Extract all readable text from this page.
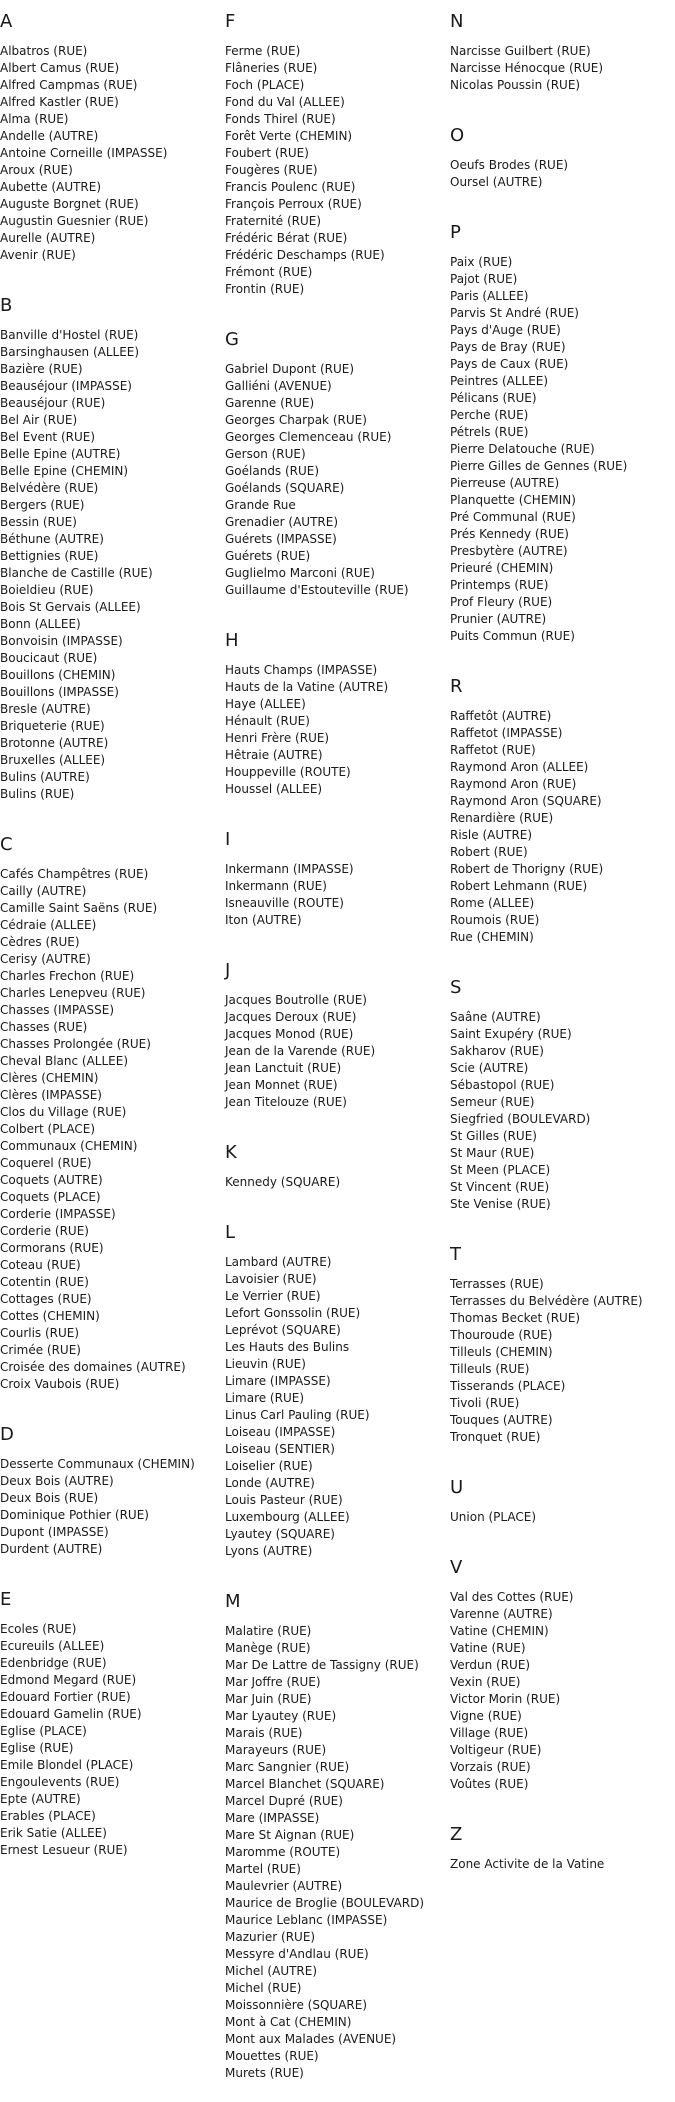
A
Albatros (RUE)
Albert Camus (RUE)
Alfred Campmas (RUE)
Alfred Kastler (RUE)
Alma (RUE)
Andelle (AUTRE)
Antoine Corneille (IMPASSE)
Aroux (RUE)
Aubette (AUTRE)
Auguste Borgnet (RUE)
Augustin Guesnier (RUE)
Aurelle (AUTRE)
Avenir (RUE)
B
Banville d'Hostel (RUE)
Barsinghausen (ALLEE)
Bazière (RUE)
Beauséjour (IMPASSE)
Beauséjour (RUE)
Bel Air (RUE)
Bel Event (RUE)
Belle Epine (AUTRE)
Belle Epine (CHEMIN)
Belvédère (RUE)
Bergers (RUE)
Bessin (RUE)
Béthune (AUTRE)
Bettignies (RUE)
Blanche de Castille (RUE)
Boieldieu (RUE)
Bois St Gervais (ALLEE)
Bonn (ALLEE)
Bonvoisin (IMPASSE)
Boucicaut (RUE)
Bouillons (CHEMIN)
Bouillons (IMPASSE)
Bresle (AUTRE)
Briqueterie (RUE)
Brotonne (AUTRE)
Bruxelles (ALLEE)
Bulins (AUTRE)
Bulins (RUE)
C
Cafés Champêtres (RUE)
Cailly (AUTRE)
Camille Saint Saëns (RUE)
Cédraie (ALLEE)
Cèdres (RUE)
Cerisy (AUTRE)
Charles Frechon (RUE)
Charles Lenepveu (RUE)
Chasses (IMPASSE)
Chasses (RUE)
Chasses Prolongée (RUE)
Cheval Blanc (ALLEE)
Clères (CHEMIN)
Clères (IMPASSE)
Clos du Village (RUE)
Colbert (PLACE)
Communaux (CHEMIN)
Coquerel (RUE)
Coquets (AUTRE)
Coquets (PLACE)
Corderie (IMPASSE)
Corderie (RUE)
Cormorans (RUE)
Coteau (RUE)
Cotentin (RUE)
Cottages (RUE)
Cottes (CHEMIN)
Courlis (RUE)
Crimée (RUE)
Croisée des domaines (AUTRE)
Croix Vaubois (RUE)
D
Desserte Communaux (CHEMIN)
Deux Bois (AUTRE)
Deux Bois (RUE)
Dominique Pothier (RUE)
Dupont (IMPASSE)
Durdent (AUTRE)
E
Ecoles (RUE)
Ecureuils (ALLEE)
Edenbridge (RUE)
Edmond Megard (RUE)
Edouard Fortier (RUE)
Edouard Gamelin (RUE)
Eglise (PLACE)
Eglise (RUE)
Emile Blondel (PLACE)
Engoulevents (RUE)
Epte (AUTRE)
Erables (PLACE)
Erik Satie (ALLEE)
Ernest Lesueur (RUE)
F
Ferme (RUE)
Flâneries (RUE)
Foch (PLACE)
Fond du Val (ALLEE)
Fonds Thirel (RUE)
Forêt Verte (CHEMIN)
Foubert (RUE)
Fougères (RUE)
Francis Poulenc (RUE)
François Perroux (RUE)
Fraternité (RUE)
Frédéric Bérat (RUE)
Frédéric Deschamps (RUE)
Frémont (RUE)
Frontin (RUE)
G
Gabriel Dupont (RUE)
Galliéni (AVENUE)
Garenne (RUE)
Georges Charpak (RUE)
Georges Clemenceau (RUE)
Gerson (RUE)
Goélands (RUE)
Goélands (SQUARE)
Grande Rue
Grenadier (AUTRE)
Guérets (IMPASSE)
Guérets (RUE)
Guglielmo Marconi (RUE)
Guillaume d'Estouteville (RUE)
H
Hauts Champs (IMPASSE)
Hauts de la Vatine (AUTRE)
Haye (ALLEE)
Hénault (RUE)
Henri Frère (RUE)
Hêtraie (AUTRE)
Houppeville (ROUTE)
Houssel (ALLEE)
I
Inkermann (IMPASSE)
Inkermann (RUE)
Isneauville (ROUTE)
Iton (AUTRE)
J
Jacques Boutrolle (RUE)
Jacques Deroux (RUE)
Jacques Monod (RUE)
Jean de la Varende (RUE)
Jean Lanctuit (RUE)
Jean Monnet (RUE)
Jean Titelouze (RUE)
K
Kennedy (SQUARE)
L
Lambard (AUTRE)
Lavoisier (RUE)
Le Verrier (RUE)
Lefort Gonssolin (RUE)
Leprévot (SQUARE)
Les Hauts des Bulins
Lieuvin (RUE)
Limare (IMPASSE)
Limare (RUE)
Linus Carl Pauling (RUE)
Loiseau (IMPASSE)
Loiseau (SENTIER)
Loiselier (RUE)
Londe (AUTRE)
Louis Pasteur (RUE)
Luxembourg (ALLEE)
Lyautey (SQUARE)
Lyons (AUTRE)
M
Malatire (RUE)
Manège (RUE)
Mar De Lattre de Tassigny (RUE)
Mar Joffre (RUE)
Mar Juin (RUE)
Mar Lyautey (RUE)
Marais (RUE)
Marayeurs (RUE)
Marc Sangnier (RUE)
Marcel Blanchet (SQUARE)
Marcel Dupré (RUE)
Mare (IMPASSE)
Mare St Aignan (RUE)
Maromme (ROUTE)
Martel (RUE)
Maulevrier (AUTRE)
Maurice de Broglie (BOULEVARD)
Maurice Leblanc (IMPASSE)
Mazurier (RUE)
Messyre d'Andlau (RUE)
Michel (AUTRE)
Michel (RUE)
Moissonnière (SQUARE)
Mont à Cat (CHEMIN)
Mont aux Malades (AVENUE)
Mouettes (RUE)
Murets (RUE)
N
Narcisse Guilbert (RUE)
Narcisse Hénocque (RUE)
Nicolas Poussin (RUE)
O
Oeufs Brodes (RUE)
Oursel (AUTRE)
P
Paix (RUE)
Pajot (RUE)
Paris (ALLEE)
Parvis St André (RUE)
Pays d'Auge (RUE)
Pays de Bray (RUE)
Pays de Caux (RUE)
Peintres (ALLEE)
Pélicans (RUE)
Perche (RUE)
Pétrels (RUE)
Pierre Delatouche (RUE)
Pierre Gilles de Gennes (RUE)
Pierreuse (AUTRE)
Planquette (CHEMIN)
Pré Communal (RUE)
Prés Kennedy (RUE)
Presbytère (AUTRE)
Prieuré (CHEMIN)
Printemps (RUE)
Prof Fleury (RUE)
Prunier (AUTRE)
Puits Commun (RUE)
R
Raffetôt (AUTRE)
Raffetot (IMPASSE)
Raffetot (RUE)
Raymond Aron (ALLEE)
Raymond Aron (RUE)
Raymond Aron (SQUARE)
Renardière (RUE)
Risle (AUTRE)
Robert (RUE)
Robert de Thorigny (RUE)
Robert Lehmann (RUE)
Rome (ALLEE)
Roumois (RUE)
Rue (CHEMIN)
S
Saâne (AUTRE)
Saint Exupéry (RUE)
Sakharov (RUE)
Scie (AUTRE)
Sébastopol (RUE)
Semeur (RUE)
Siegfried (BOULEVARD)
St Gilles (RUE)
St Maur (RUE)
St Meen (PLACE)
St Vincent (RUE)
Ste Venise (RUE)
T
Terrasses (RUE)
Terrasses du Belvédère (AUTRE)
Thomas Becket (RUE)
Thouroude (RUE)
Tilleuls (CHEMIN)
Tilleuls (RUE)
Tisserands (PLACE)
Tivoli (RUE)
Touques (AUTRE)
Tronquet (RUE)
U
Union (PLACE)
V
Val des Cottes (RUE)
Varenne (AUTRE)
Vatine (CHEMIN)
Vatine (RUE)
Verdun (RUE)
Vexin (RUE)
Victor Morin (RUE)
Vigne (RUE)
Village (RUE)
Voltigeur (RUE)
Vorzais (RUE)
Voûtes (RUE)
Z
Zone Activite de la Vatine
